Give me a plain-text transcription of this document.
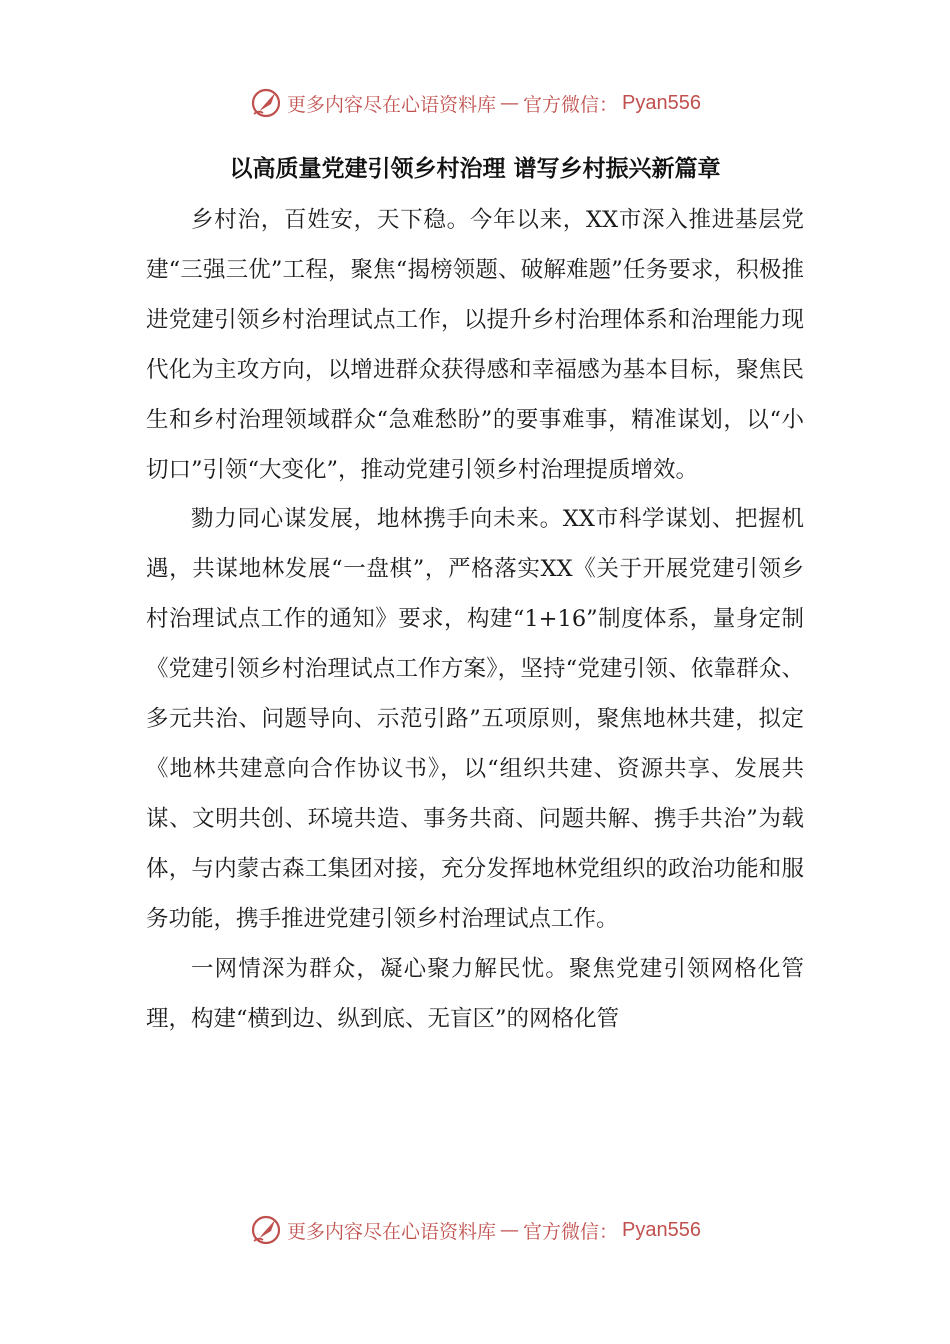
更多内容尽在心语资料库 — 官方微信： Pyan556
以高质量党建引领乡村治理 谱写乡村振兴新篇章

乡村治，百姓安，天下稳。今年以来，XX市深入推进基层党建“三强三优”工程，聚焦“揭榜领题、破解难题”任务要求，积极推进党建引领乡村治理试点工作，以提升乡村治理体系和治理能力现代化为主攻方向，以增进群众获得感和幸福感为基本目标，聚焦民生和乡村治理领域群众“急难愁盼”的要事难事，精准谋划，以“小切口”引领“大变化”，推动党建引领乡村治理提质增效。

勠力同心谋发展，地林携手向未来。XX市科学谋划、把握机遇，共谋地林发展“一盘棋”，严格落实XX《关于开展党建引领乡村治理试点工作的通知》要求，构建“1+16”制度体系，量身定制《党建引领乡村治理试点工作方案》，坚持“党建引领、依靠群众、多元共治、问题导向、示范引路”五项原则，聚焦地林共建，拟定《地林共建意向合作协议书》，以“组织共建、资源共享、发展共谋、文明共创、环境共造、事务共商、问题共解、携手共治”为载体，与内蒙古森工集团对接，充分发挥地林党组织的政治功能和服务功能，携手推进党建引领乡村治理试点工作。

一网情深为群众，凝心聚力解民忧。聚焦党建引领网格化管理，构建“横到边、纵到底、无盲区”的网格化管

更多内容尽在心语资料库 — 官方微信： Pyan556
